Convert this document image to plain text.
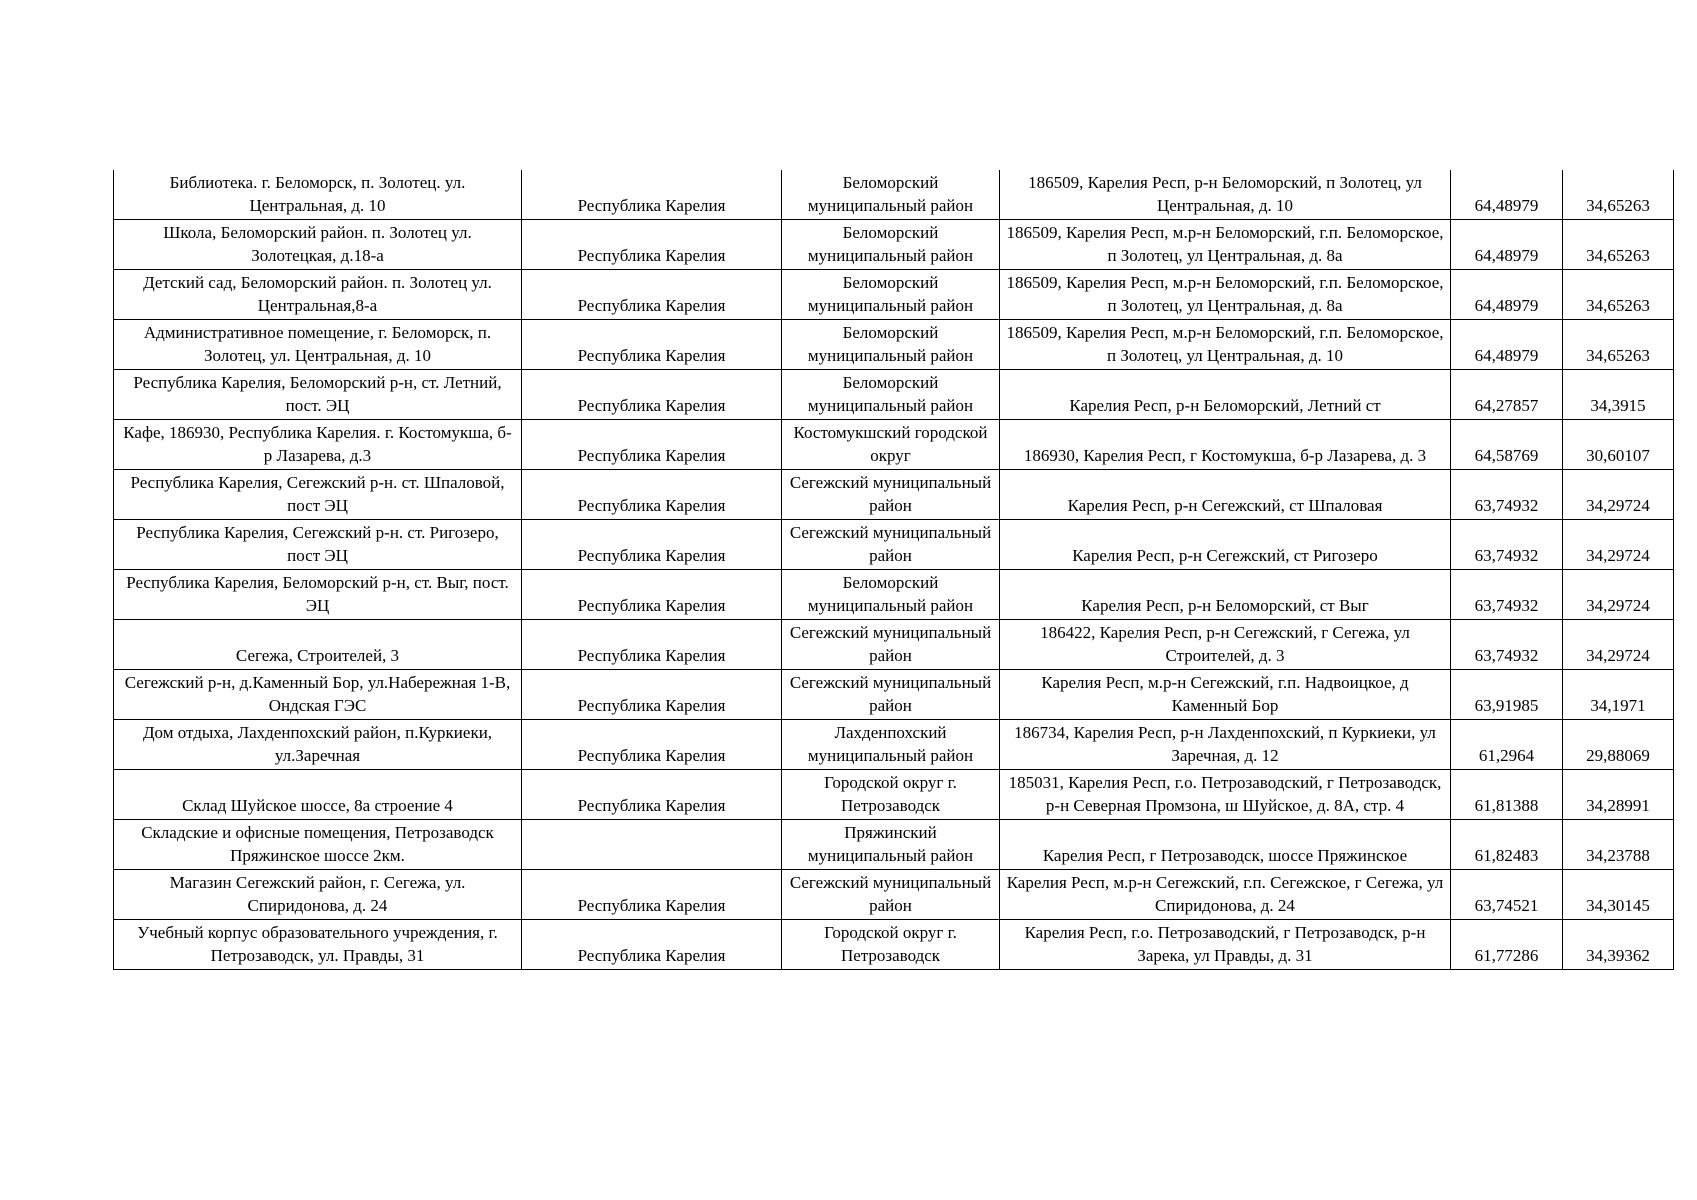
Библиотека. г. Беломорск, п. Золотец. ул. Центральная, д. 10	Республика Карелия	Беломорский муниципальный район	186509, Карелия Респ, р-н Беломорский, п Золотец, ул Центральная, д. 10	64,48979	34,65263
Школа, Беломорский район. п. Золотец ул. Золотецкая, д.18-а	Республика Карелия	Беломорский муниципальный район	186509, Карелия Респ, м.р-н Беломорский, г.п. Беломорское, п Золотец, ул Центральная, д. 8а	64,48979	34,65263
Детский сад, Беломорский район. п. Золотец ул. Центральная,8-а	Республика Карелия	Беломорский муниципальный район	186509, Карелия Респ, м.р-н Беломорский, г.п. Беломорское, п Золотец, ул Центральная, д. 8а	64,48979	34,65263
Административное помещение, г. Беломорск, п. Золотец, ул. Центральная, д. 10	Республика Карелия	Беломорский муниципальный район	186509, Карелия Респ, м.р-н Беломорский, г.п. Беломорское, п Золотец, ул Центральная, д. 10	64,48979	34,65263
Республика Карелия, Беломорский р-н, ст. Летний, пост. ЭЦ	Республика Карелия	Беломорский муниципальный район	Карелия Респ, р-н Беломорский, Летний ст	64,27857	34,3915
Кафе, 186930, Республика Карелия. г. Костомукша, б-р Лазарева, д.3	Республика Карелия	Костомукшский городской округ	186930, Карелия Респ, г Костомукша, б-р Лазарева, д. 3	64,58769	30,60107
Республика Карелия, Сегежский р-н. ст. Шпаловой, пост ЭЦ	Республика Карелия	Сегежский муниципальный район	Карелия Респ, р-н Сегежский, ст Шпаловая	63,74932	34,29724
Республика Карелия, Сегежский р-н. ст. Ригозеро, пост ЭЦ	Республика Карелия	Сегежский муниципальный район	Карелия Респ, р-н Сегежский, ст Ригозеро	63,74932	34,29724
Республика Карелия, Беломорский р-н, ст. Выг, пост. ЭЦ	Республика Карелия	Беломорский муниципальный район	Карелия Респ, р-н Беломорский, ст Выг	63,74932	34,29724
Сегежа, Строителей, 3	Республика Карелия	Сегежский муниципальный район	186422, Карелия Респ, р-н Сегежский, г Сегежа, ул Строителей, д. 3	63,74932	34,29724
Сегежский р-н, д.Каменный Бор, ул.Набережная 1-В, Ондская ГЭС	Республика Карелия	Сегежский муниципальный район	Карелия Респ, м.р-н Сегежский, г.п. Надвоицкое, д Каменный Бор	63,91985	34,1971
Дом отдыха, Лахденпохский район, п.Куркиеки, ул.Заречная	Республика Карелия	Лахденпохский муниципальный район	186734, Карелия Респ, р-н Лахденпохский, п Куркиеки, ул Заречная, д. 12	61,2964	29,88069
Склад Шуйское шоссе, 8а строение 4	Республика Карелия	Городской округ г. Петрозаводск	185031, Карелия Респ, г.о. Петрозаводский, г Петрозаводск, р-н Северная Промзона, ш Шуйское, д. 8А, стр. 4	61,81388	34,28991
Складские и офисные помещения, Петрозаводск Пряжинское шоссе 2км.		Пряжинский муниципальный район	Карелия Респ, г Петрозаводск, шоссе Пряжинское	61,82483	34,23788
Магазин Сегежский район, г. Сегежа, ул. Спиридонова, д. 24	Республика Карелия	Сегежский муниципальный район	Карелия Респ, м.р-н Сегежский, г.п. Сегежское, г Сегежа, ул Спиридонова, д. 24	63,74521	34,30145
Учебный корпус образовательного учреждения, г. Петрозаводск, ул. Правды, 31	Республика Карелия	Городской округ г. Петрозаводск	Карелия Респ, г.о. Петрозаводский, г Петрозаводск, р-н Зарека, ул Правды, д. 31	61,77286	34,39362
